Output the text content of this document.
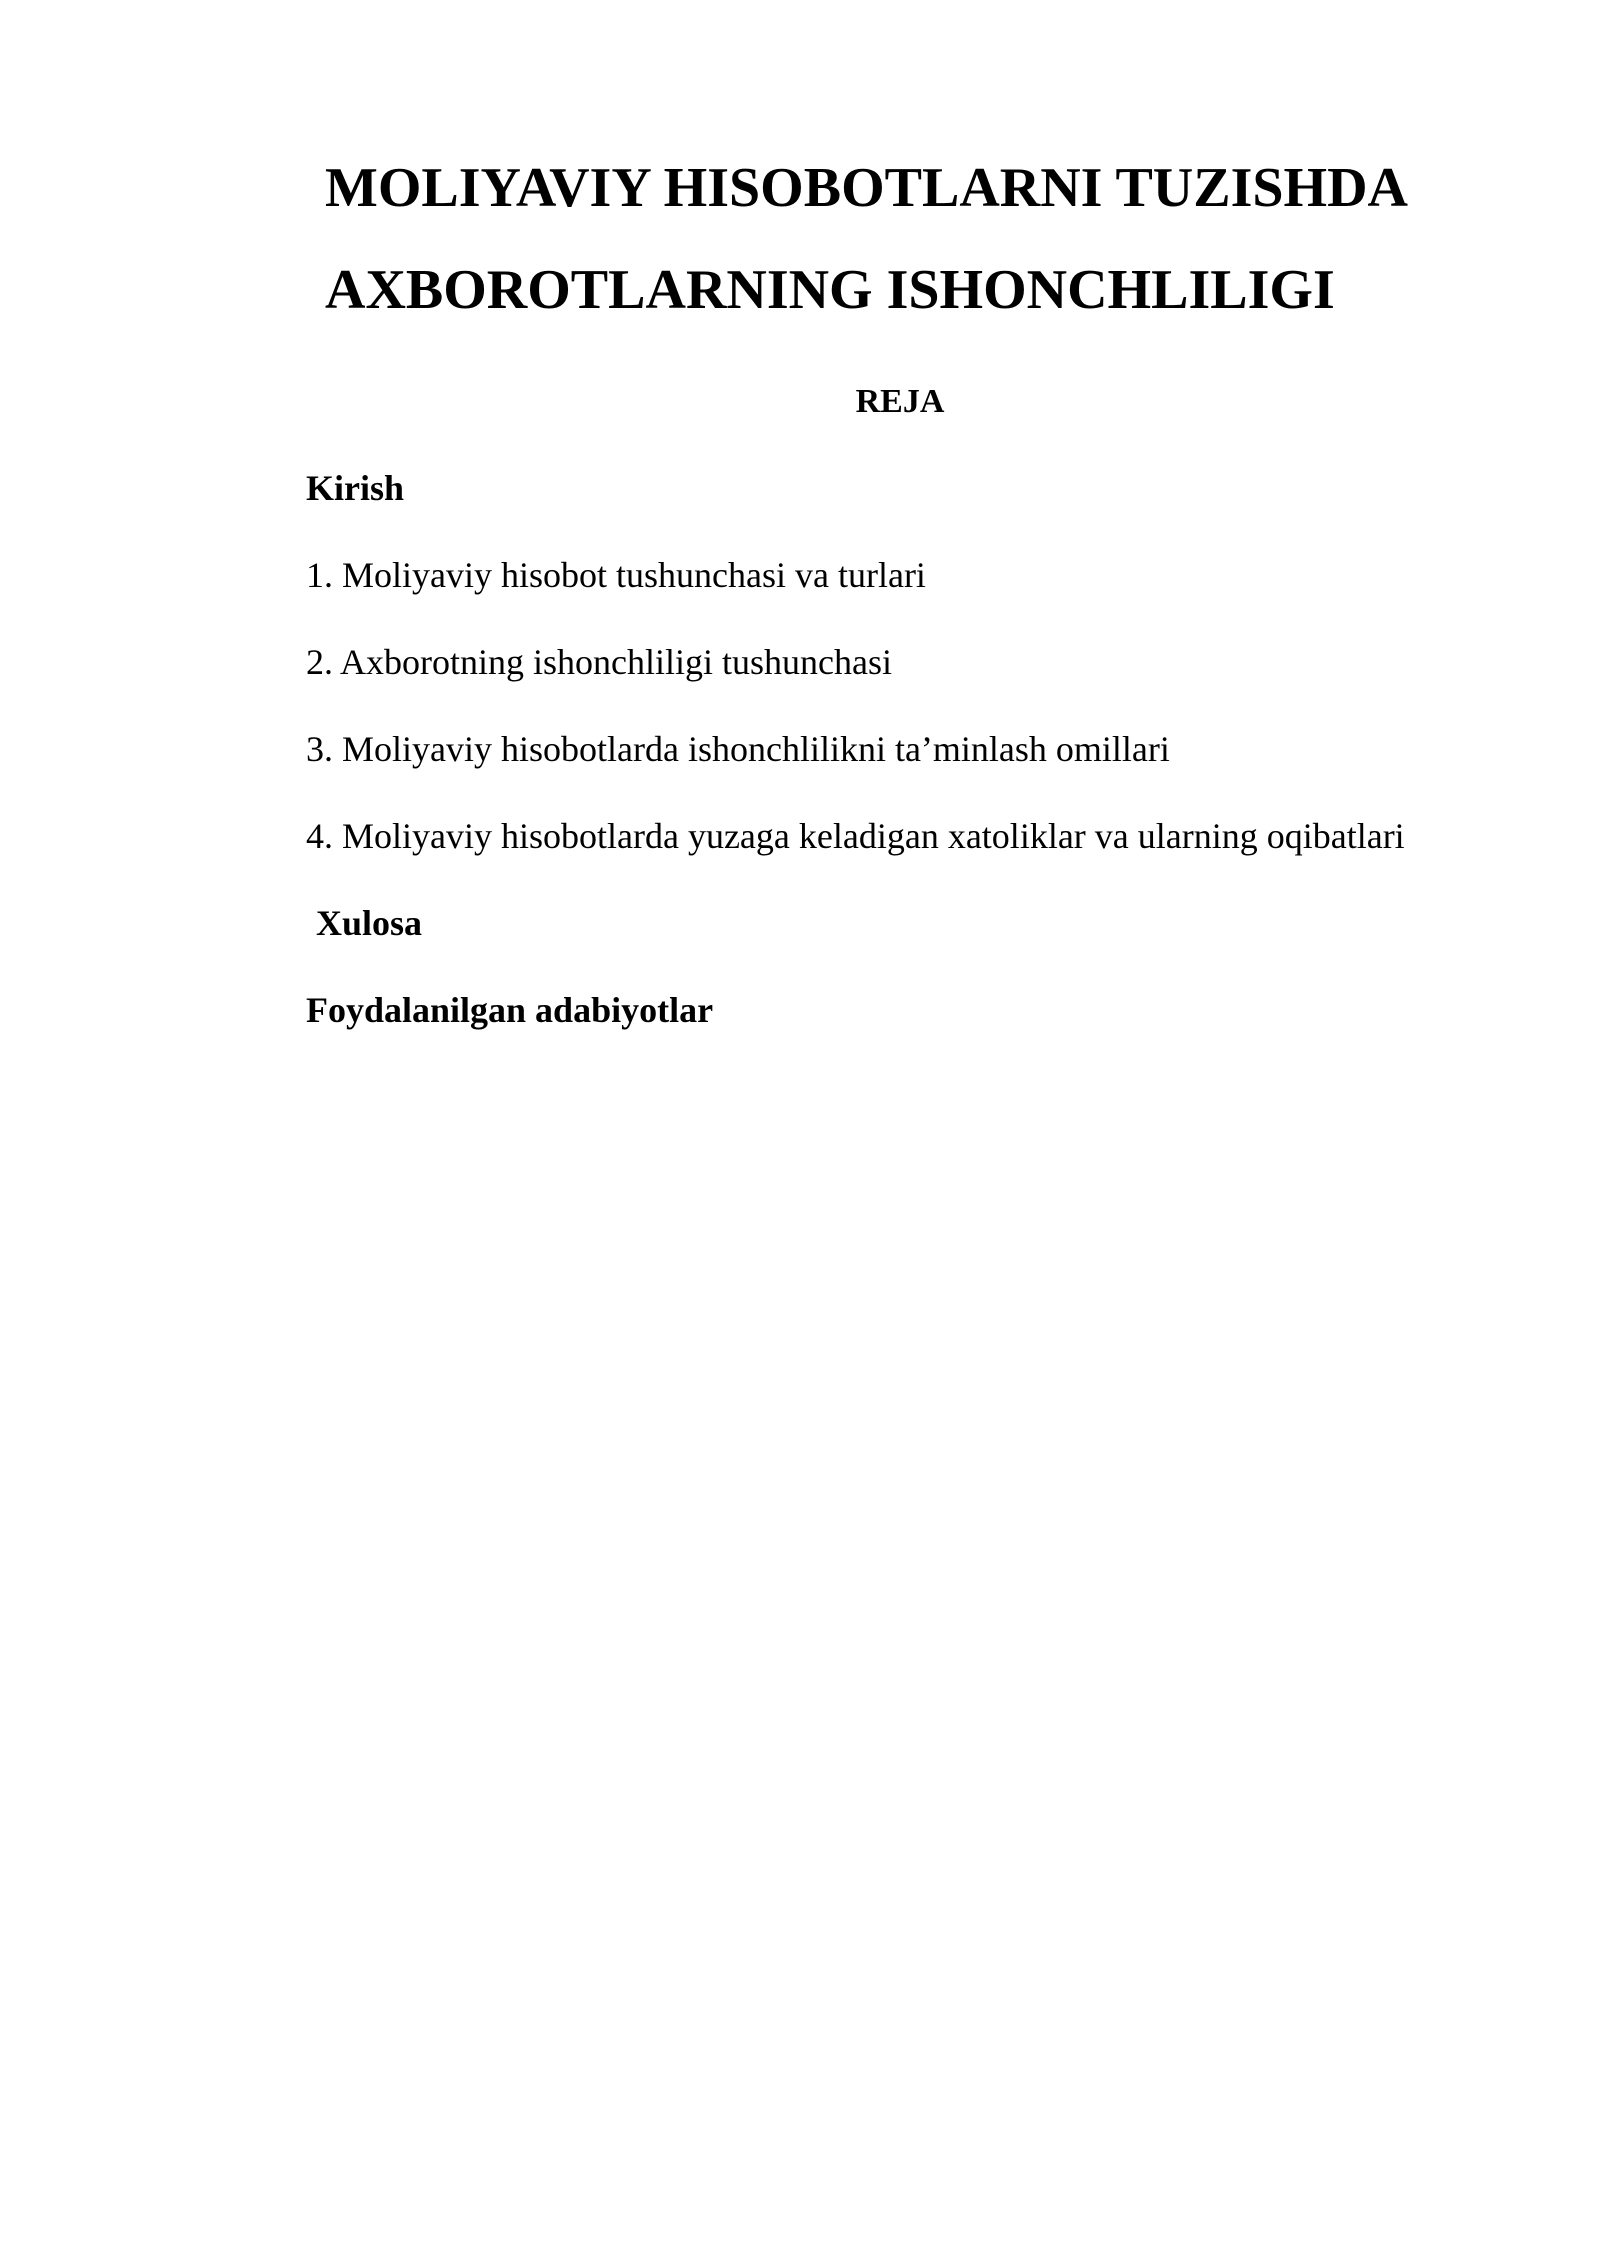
MOLIYAVIY HISOBOTLARNI TUZISHDA
AXBOROTLARNING ISHONCHLILIGI
REJA
Kirish
1. Moliyaviy hisobot tushunchasi va turlari
2. Axborotning ishonchliligi tushunchasi
3. Moliyaviy hisobotlarda ishonchlilikni ta’minlash omillari
4. Moliyaviy hisobotlarda yuzaga keladigan xatoliklar va ularning oqibatlari
Xulosa
Foydalanilgan adabiyotlar
